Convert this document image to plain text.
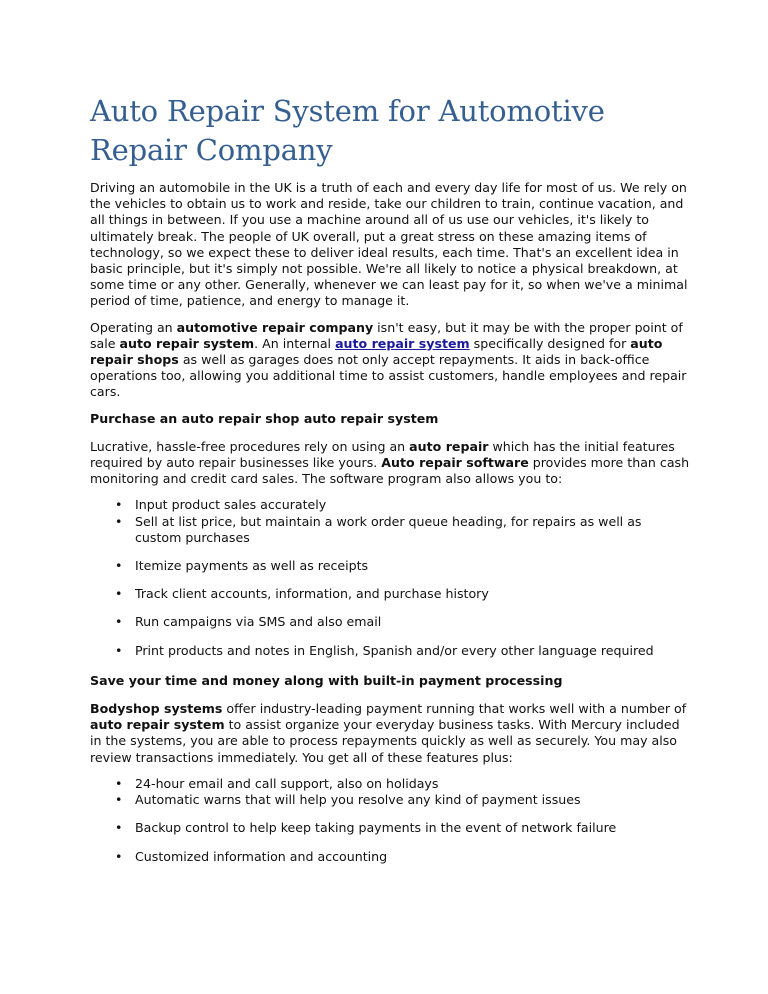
Auto Repair System for Automotive Repair Company

Driving an automobile in the UK is a truth of each and every day life for most of us. We rely on the vehicles to obtain us to work and reside, take our children to train, continue vacation, and all things in between. If you use a machine around all of us use our vehicles, it's likely to ultimately break. The people of UK overall, put a great stress on these amazing items of technology, so we expect these to deliver ideal results, each time. That's an excellent idea in basic principle, but it's simply not possible. We're all likely to notice a physical breakdown, at some time or any other. Generally, whenever we can least pay for it, so when we've a minimal period of time, patience, and energy to manage it.

Operating an automotive repair company isn't easy, but it may be with the proper point of sale auto repair system. An internal auto repair system specifically designed for auto repair shops as well as garages does not only accept repayments. It aids in back-office operations too, allowing you additional time to assist customers, handle employees and repair cars.

Purchase an auto repair shop auto repair system

Lucrative, hassle-free procedures rely on using an auto repair which has the initial features required by auto repair businesses like yours. Auto repair software provides more than cash monitoring and credit card sales. The software program also allows you to:

• Input product sales accurately
• Sell at list price, but maintain a work order queue heading, for repairs as well as custom purchases
• Itemize payments as well as receipts
• Track client accounts, information, and purchase history
• Run campaigns via SMS and also email
• Print products and notes in English, Spanish and/or every other language required
Save your time and money along with built-in payment processing

Bodyshop systems offer industry-leading payment running that works well with a number of auto repair system to assist organize your everyday business tasks. With Mercury included in the systems, you are able to process repayments quickly as well as securely. You may also review transactions immediately. You get all of these features plus:

• 24-hour email and call support, also on holidays
• Automatic warns that will help you resolve any kind of payment issues
• Backup control to help keep taking payments in the event of network failure
• Customized information and accounting
